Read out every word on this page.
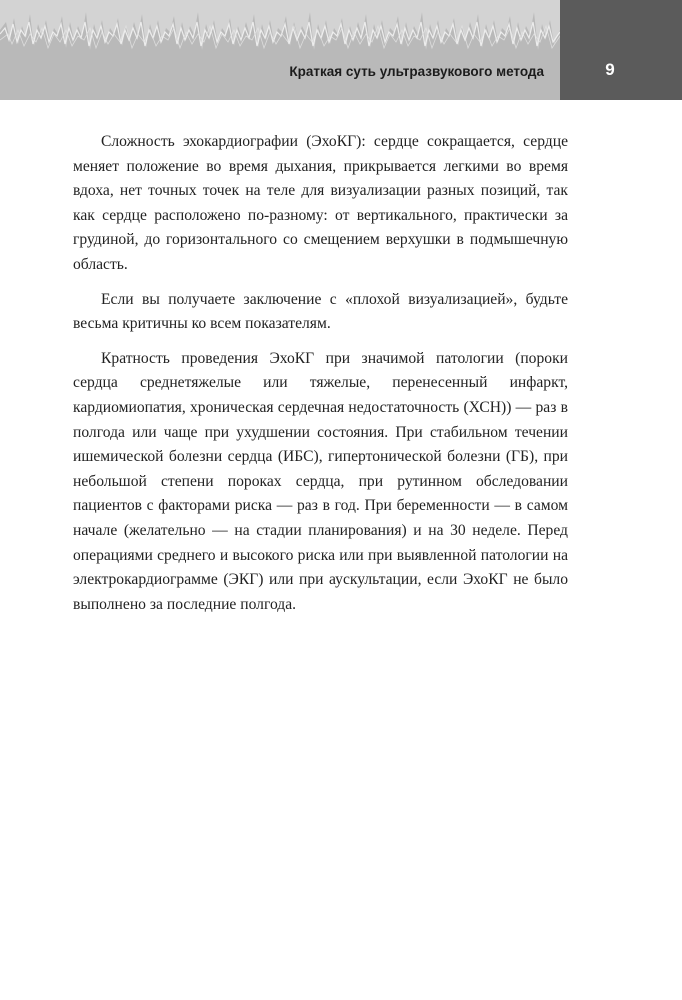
Краткая суть ультразвукового метода	9

Сложность эхокардиографии (ЭхоКГ): сердце сокращается, сердце меняет положение во время дыхания, прикрывается легкими во время вдоха, нет точных точек на теле для визуализации разных позиций, так как сердце расположено по-разному: от вертикального, практически за грудиной, до горизонтального со смещением верхушки в подмышечную область.

Если вы получаете заключение с «плохой визуализацией», будьте весьма критичны ко всем показателям.

Кратность проведения ЭхоКГ при значимой патологии (пороки сердца среднетяжелые или тяжелые, перенесенный инфаркт, кардиомиопатия, хроническая сердечная недостаточность (ХСН)) — раз в полгода или чаще при ухудшении состояния. При стабильном течении ишемической болезни сердца (ИБС), гипертонической болезни (ГБ), при небольшой степени пороках сердца, при рутинном обследовании пациентов с факторами риска — раз в год. При беременности — в самом начале (желательно — на стадии планирования) и на 30 неделе. Перед операциями среднего и высокого риска или при выявленной патологии на электрокардиограмме (ЭКГ) или при аускультации, если ЭхоКГ не было выполнено за последние полгода.
